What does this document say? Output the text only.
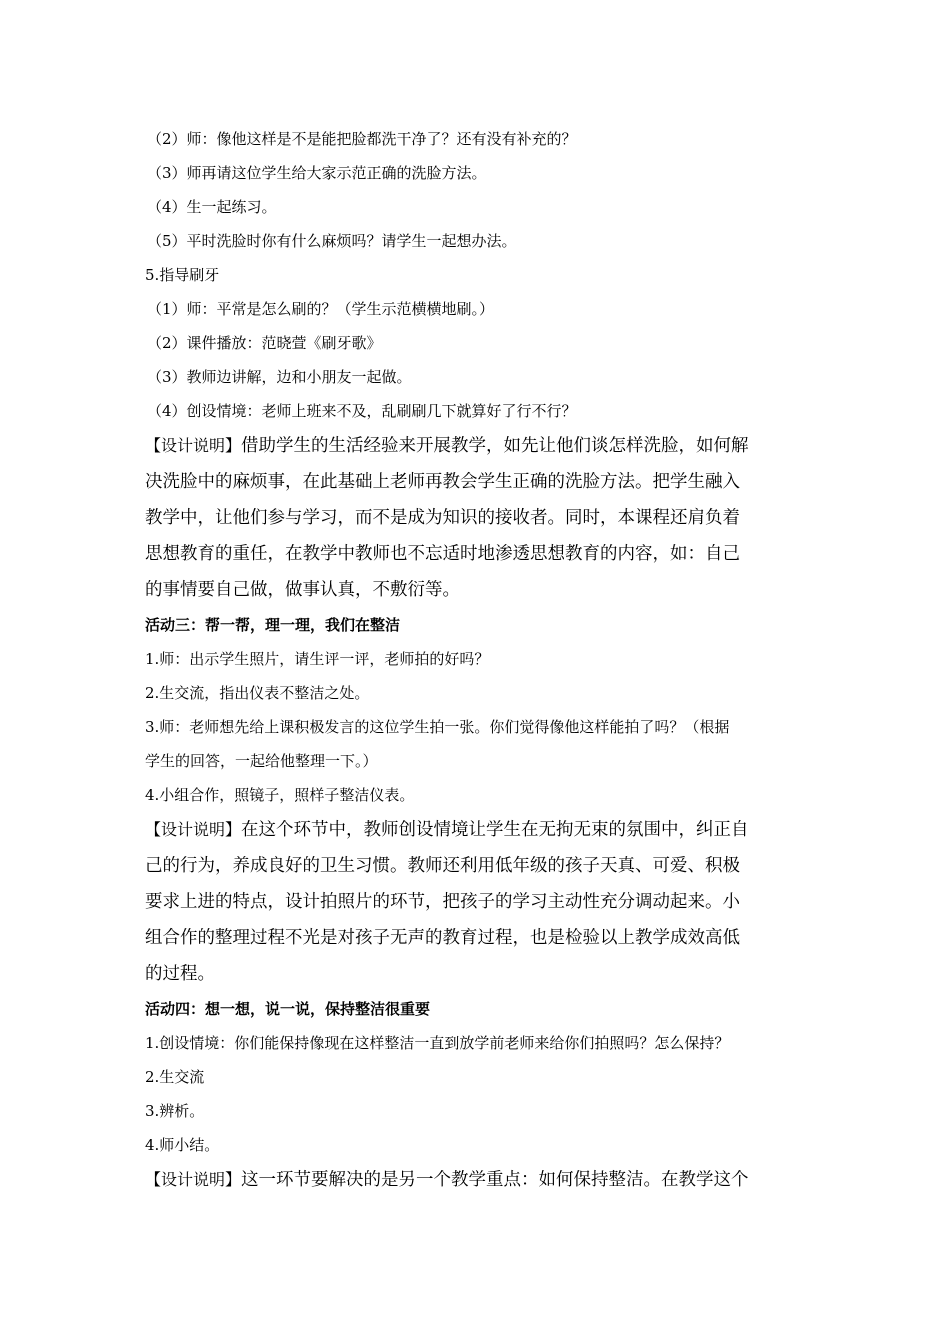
（2）师：像他这样是不是能把脸都洗干净了？还有没有补充的？
（3）师再请这位学生给大家示范正确的洗脸方法。
（4）生一起练习。
（5）平时洗脸时你有什么麻烦吗？请学生一起想办法。
5.指导刷牙
（1）师：平常是怎么刷的？（学生示范横横地刷。）
（2）课件播放：范晓萱《刷牙歌》
（3）教师边讲解，边和小朋友一起做。
（4）创设情境：老师上班来不及，乱刷刷几下就算好了行不行？
【设计说明】借助学生的生活经验来开展教学，如先让他们谈怎样洗脸，如何解
决洗脸中的麻烦事，在此基础上老师再教会学生正确的洗脸方法。把学生融入
教学中，让他们参与学习，而不是成为知识的接收者。同时，本课程还肩负着
思想教育的重任，在教学中教师也不忘适时地渗透思想教育的内容，如：自己
的事情要自己做，做事认真，不敷衍等。
活动三：帮一帮，理一理，我们在整洁
1.师：出示学生照片，请生评一评，老师拍的好吗？
2.生交流，指出仪表不整洁之处。
3.师：老师想先给上课积极发言的这位学生拍一张。你们觉得像他这样能拍了吗？（根据
学生的回答，一起给他整理一下。）
4.小组合作，照镜子，照样子整洁仪表。
【设计说明】在这个环节中，教师创设情境让学生在无拘无束的氛围中，纠正自
己的行为，养成良好的卫生习惯。教师还利用低年级的孩子天真、可爱、积极
要求上进的特点，设计拍照片的环节，把孩子的学习主动性充分调动起来。小
组合作的整理过程不光是对孩子无声的教育过程，也是检验以上教学成效高低
的过程。
活动四：想一想，说一说，保持整洁很重要
1.创设情境：你们能保持像现在这样整洁一直到放学前老师来给你们拍照吗？怎么保持？
2.生交流
3.辨析。
4.师小结。
【设计说明】这一环节要解决的是另一个教学重点：如何保持整洁。在教学这个
